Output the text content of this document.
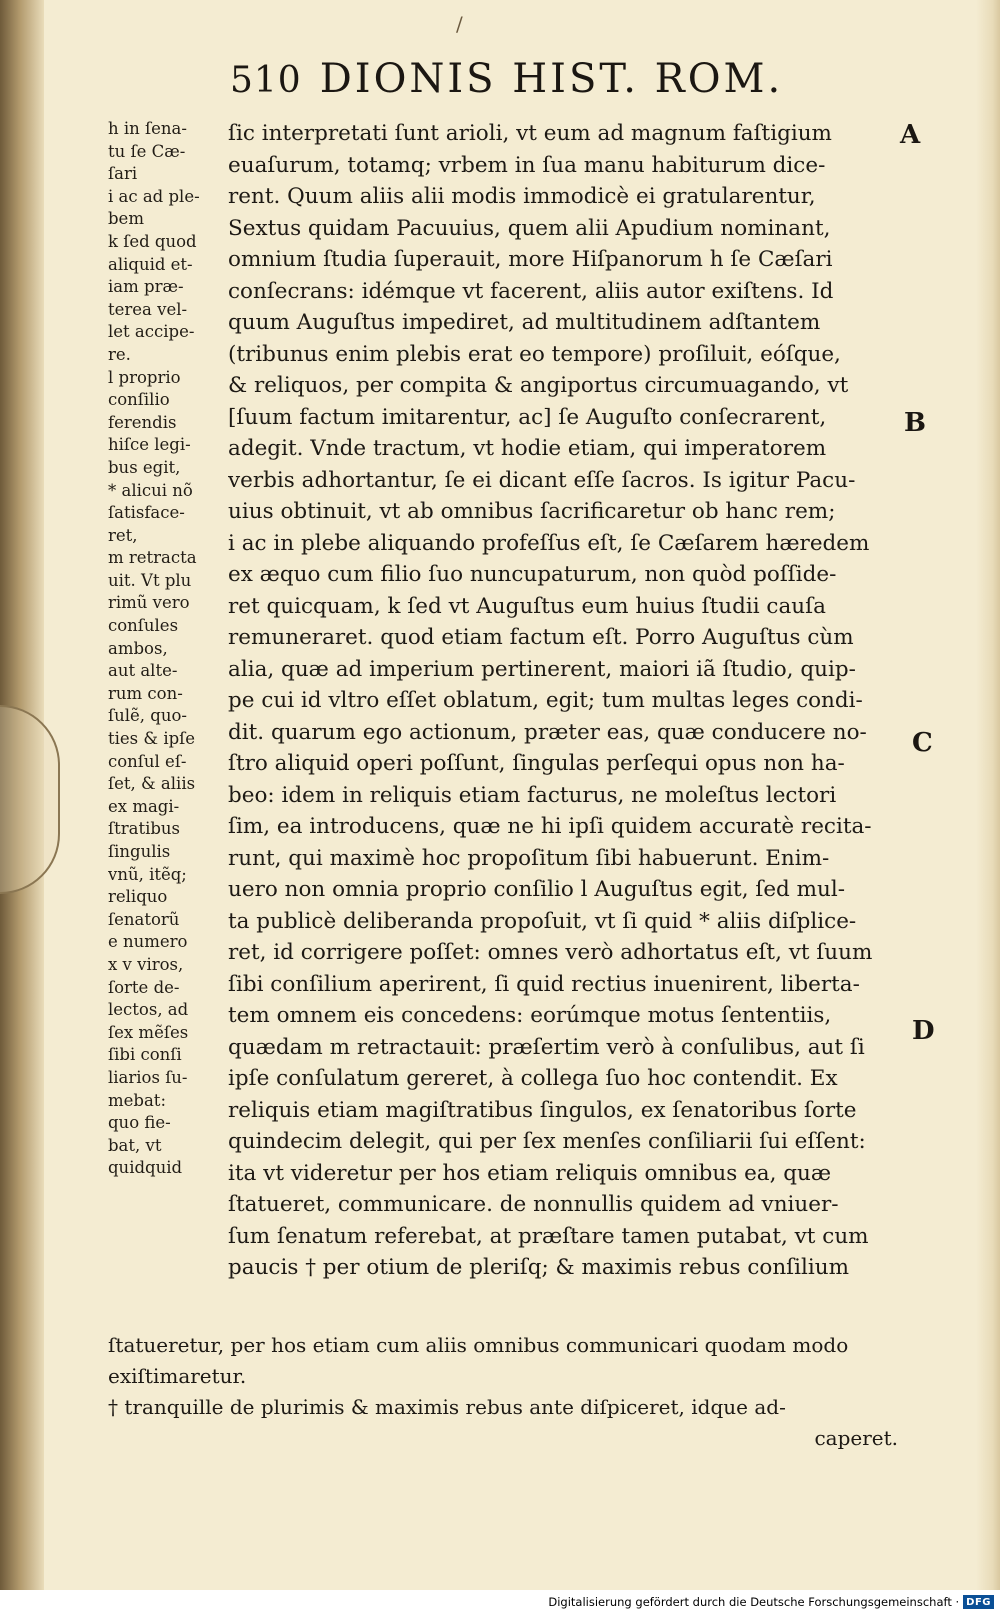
/
510 DIONIS HIST. ROM.
h in ſena-
tu ſe Cæ-
ſari
i ac ad ple-
bem
k ſed quod
aliquid et-
iam præ-
terea vel-
let accipe-
re.
l proprio
conſilio
ferendis
hiſce legi-
bus egit,
* alicui nõ
ſatisface-
ret,
m retracta
uit. Vt plu
rimũ vero
conſules
ambos,
aut alte-
rum con-
ſulẽ, quo-
ties & ipſe
conſul eſ-
ſet, & aliis
ex magi-
ſtratibus
ſingulis
vnũ, itẽq;
reliquo
ſenatorũ
e numero
x v viros,
ſorte de-
lectos, ad
ſex mẽſes
ſibi conſi
liarios ſu-
mebat:
quo fie-
bat, vt
quidquid
ſic interpretati ſunt arioli, vt eum ad magnum faſtigium
euaſurum, totamq; vrbem in ſua manu habiturum dice-
rent. Quum aliis alii modis immodicè ei gratularentur,
Sextus quidam Pacuuius, quem alii Apudium nominant,
omnium ſtudia ſuperauit, more Hiſpanorum h ſe Cæſari
conſecrans: idémque vt facerent, aliis autor exiſtens. Id
quum Auguſtus impediret, ad multitudinem adſtantem
(tribunus enim plebis erat eo tempore) proſiluit, eóſque,
& reliquos, per compita & angiportus circumuagando, vt
[ſuum factum imitarentur, ac] ſe Auguſto conſecrarent,
adegit. Vnde tractum, vt hodie etiam, qui imperatorem
verbis adhortantur, ſe ei dicant eſſe ſacros. Is igitur Pacu-
uius obtinuit, vt ab omnibus ſacrificaretur ob hanc rem;
i ac in plebe aliquando profeſſus eſt, ſe Cæſarem hæredem
ex æquo cum filio ſuo nuncupaturum, non quòd poſſide-
ret quicquam, k ſed vt Auguſtus eum huius ſtudii cauſa
remuneraret. quod etiam factum eſt. Porro Auguſtus cùm
alia, quæ ad imperium pertinerent, maiori iã ſtudio, quip-
pe cui id vltro eſſet oblatum, egit; tum multas leges condi-
dit. quarum ego actionum, præter eas, quæ conducere no-
ſtro aliquid operi poſſunt, ſingulas perſequi opus non ha-
beo: idem in reliquis etiam facturus, ne moleſtus lectori
ſim, ea introducens, quæ ne hi ipſi quidem accuratè recita-
runt, qui maximè hoc propoſitum ſibi habuerunt. Enim-
uero non omnia proprio conſilio l Auguſtus egit, ſed mul-
ta publicè deliberanda propoſuit, vt ſi quid * aliis diſplice-
ret, id corrigere poſſet: omnes verò adhortatus eſt, vt ſuum
ſibi conſilium aperirent, ſi quid rectius inuenirent, liberta-
tem omnem eis concedens: eorúmque motus ſententiis,
quædam m retractauit: præſertim verò à conſulibus, aut ſi
ipſe conſulatum gereret, à collega ſuo hoc contendit. Ex
reliquis etiam magiſtratibus ſingulos, ex ſenatoribus ſorte
quindecim delegit, qui per ſex menſes conſiliarii ſui eſſent:
ita vt videretur per hos etiam reliquis omnibus ea, quæ
ſtatueret, communicare. de nonnullis quidem ad vniuer-
ſum ſenatum referebat, at præſtare tamen putabat, vt cum
paucis † per otium de pleriſq; & maximis rebus conſilium
ſtatueretur, per hos etiam cum aliis omnibus communicari quodam modo
exiſtimaretur.
† tranquille de plurimis & maximis rebus ante diſpiceret, idque ad-
caperet.
A
B
C
D
Digitalisierung gefördert durch die Deutsche Forschungsgemeinschaft · DFG
